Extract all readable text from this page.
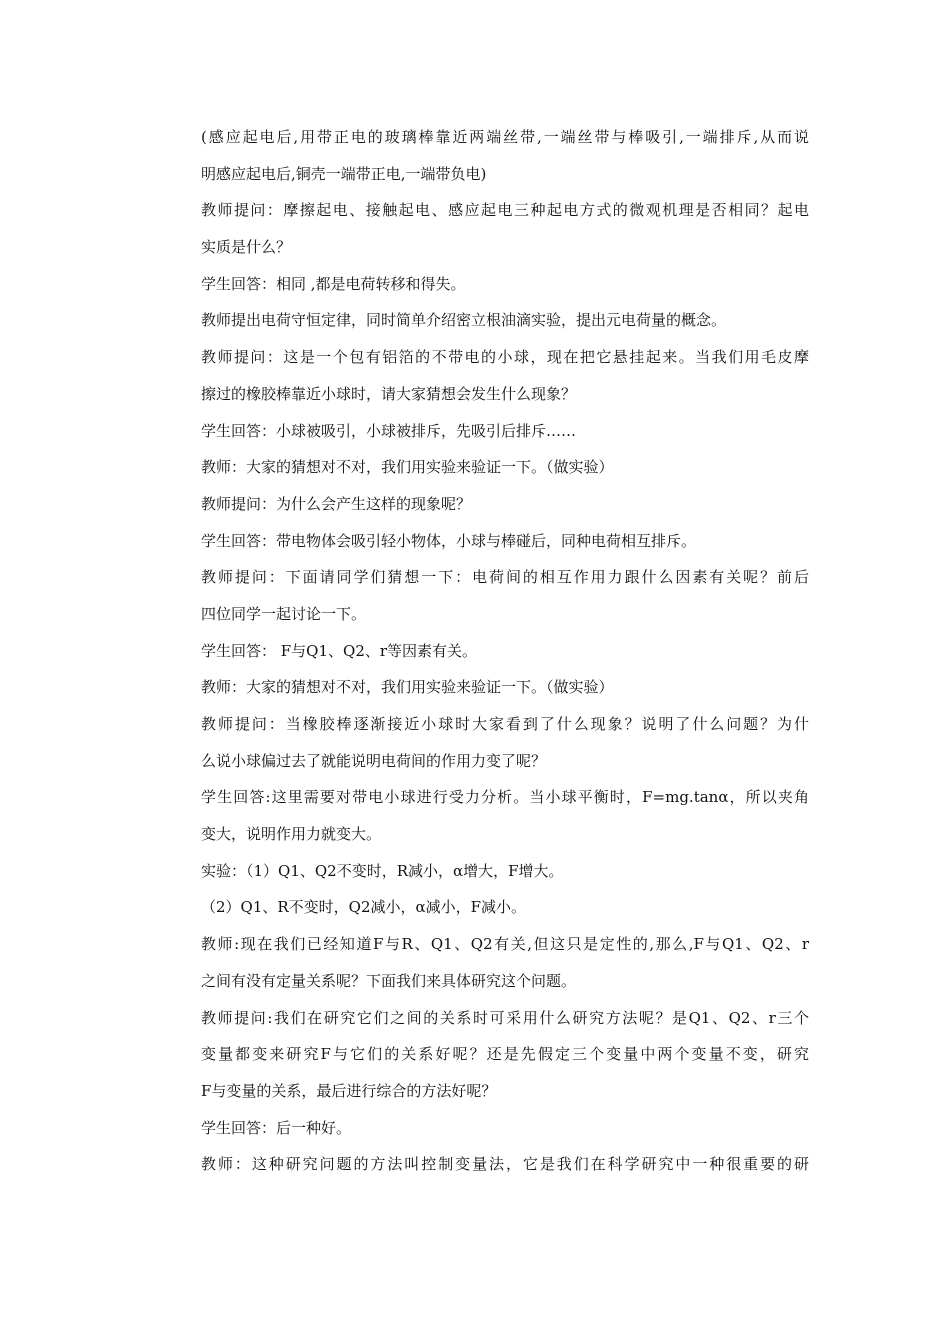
(感应起电后,用带正电的玻璃棒靠近两端丝带,一端丝带与棒吸引,一端排斥,从而说
明感应起电后,铜壳一端带正电,一端带负电)
教师提问：摩擦起电、接触起电、感应起电三种起电方式的微观机理是否相同？起电
实质是什么？
学生回答：相同 ,都是电荷转移和得失。
教师提出电荷守恒定律，同时简单介绍密立根油滴实验，提出元电荷量的概念。
教师提问：这是一个包有铝箔的不带电的小球，现在把它悬挂起来。当我们用毛皮摩
擦过的橡胶棒靠近小球时，请大家猜想会发生什么现象？
学生回答：小球被吸引，小球被排斥，先吸引后排斥……
教师：大家的猜想对不对，我们用实验来验证一下。（做实验）
教师提问：为什么会产生这样的现象呢？
学生回答：带电物体会吸引轻小物体，小球与棒碰后，同种电荷相互排斥。
教师提问：下面请同学们猜想一下：电荷间的相互作用力跟什么因素有关呢？前后
四位同学一起讨论一下。
学生回答： F与Q1、Q2、r等因素有关。
教师：大家的猜想对不对，我们用实验来验证一下。（做实验）
教师提问：当橡胶棒逐渐接近小球时大家看到了什么现象？说明了什么问题？为什
么说小球偏过去了就能说明电荷间的作用力变了呢？
学生回答:这里需要对带电小球进行受力分析。当小球平衡时，F=mg.tanα，所以夹角
变大，说明作用力就变大。
实验：（1）Q1、Q2不变时，R减小，α增大，F增大。
（2）Q1、R不变时，Q2减小，α减小，F减小。
教师:现在我们已经知道F与R、Q1、Q2有关,但这只是定性的,那么,F与Q1、Q2、r
之间有没有定量关系呢？下面我们来具体研究这个问题。
教师提问:我们在研究它们之间的关系时可采用什么研究方法呢？是Q1、Q2、r三个
变量都变来研究F与它们的关系好呢？还是先假定三个变量中两个变量不变，研究
F与变量的关系，最后进行综合的方法好呢？
学生回答：后一种好。
教师：这种研究问题的方法叫控制变量法，它是我们在科学研究中一种很重要的研
